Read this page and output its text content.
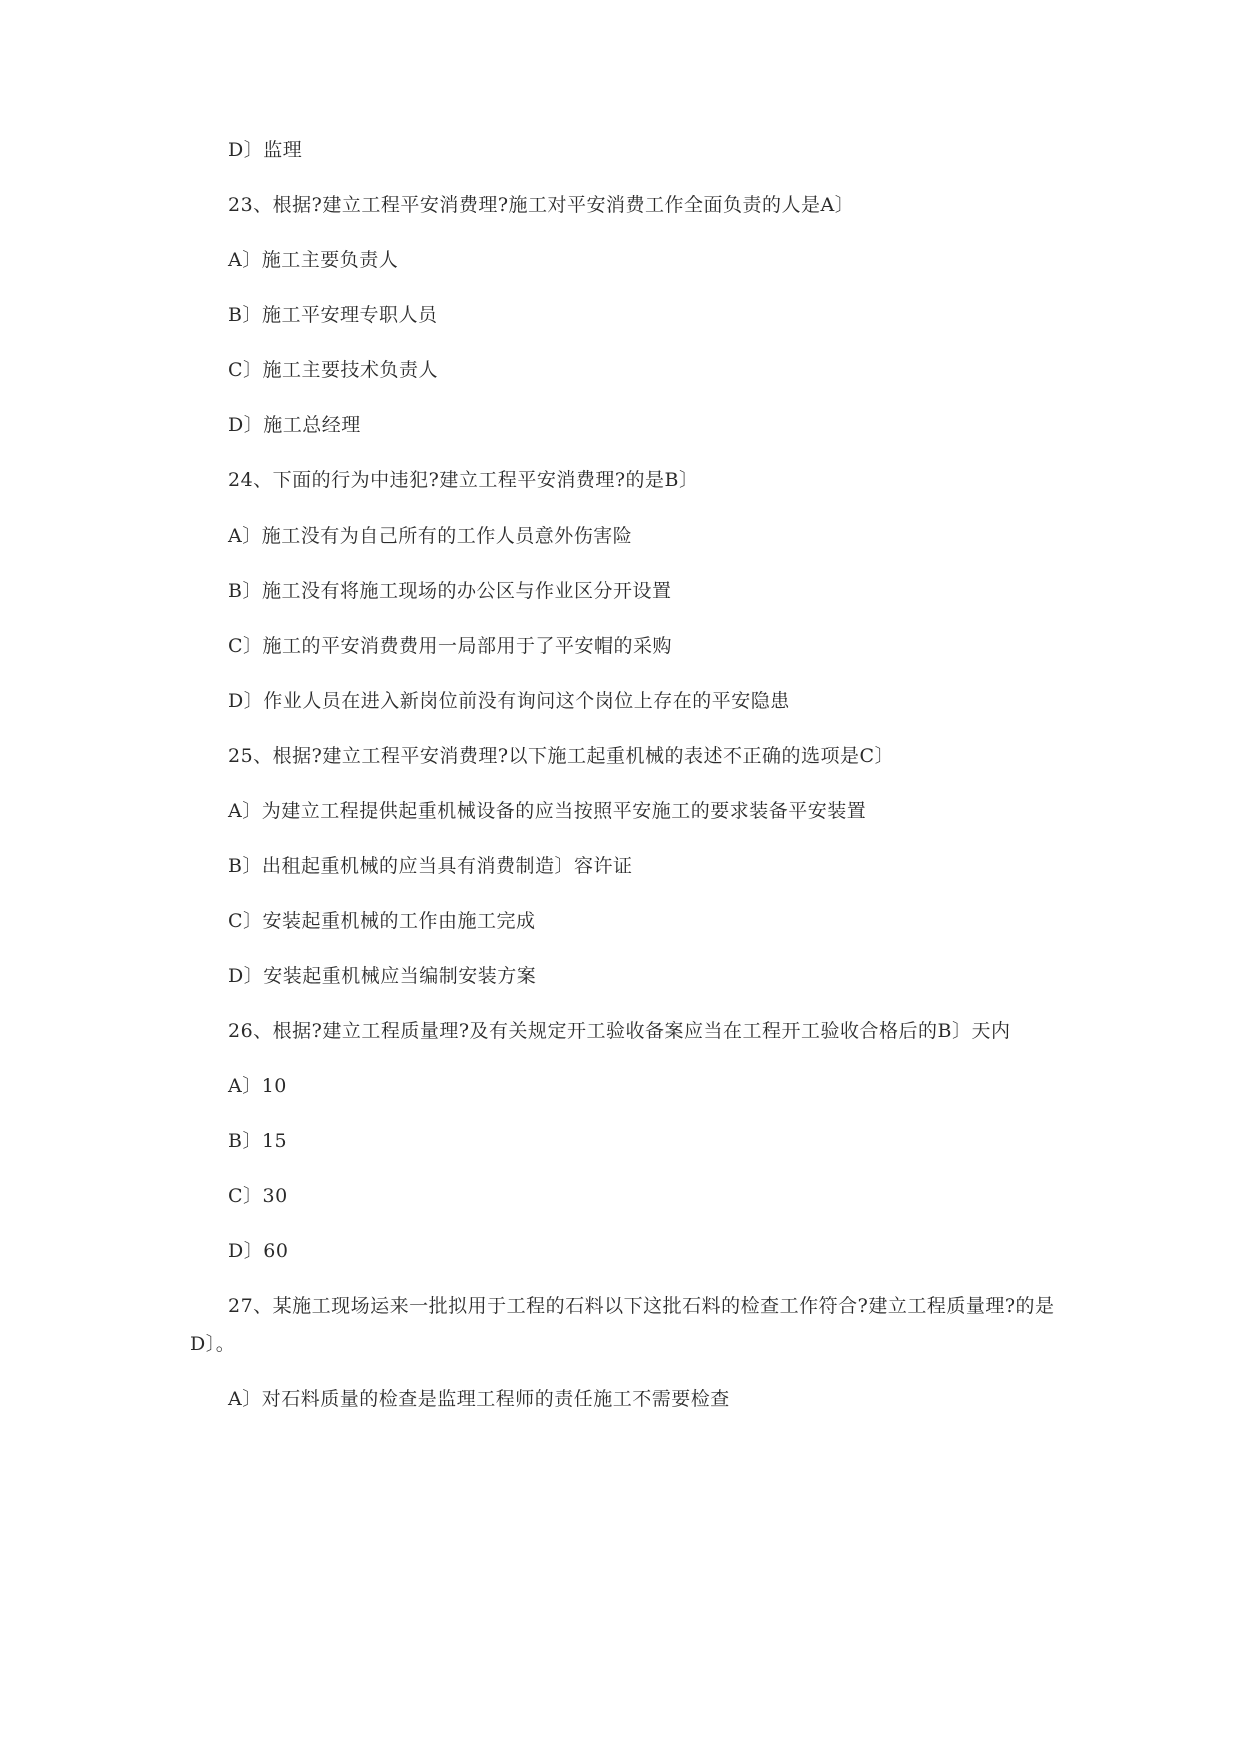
D〕监理
23、根据?建立工程平安消费理?施工对平安消费工作全面负责的人是A〕
A〕施工主要负责人
B〕施工平安理专职人员
C〕施工主要技术负责人
D〕施工总经理
24、下面的行为中违犯?建立工程平安消费理?的是B〕
A〕施工没有为自己所有的工作人员意外伤害险
B〕施工没有将施工现场的办公区与作业区分开设置
C〕施工的平安消费费用一局部用于了平安帽的采购
D〕作业人员在进入新岗位前没有询问这个岗位上存在的平安隐患
25、根据?建立工程平安消费理?以下施工起重机械的表述不正确的选项是C〕
A〕为建立工程提供起重机械设备的应当按照平安施工的要求装备平安装置
B〕出租起重机械的应当具有消费制造〕容许证
C〕安装起重机械的工作由施工完成
D〕安装起重机械应当编制安装方案
26、根据?建立工程质量理?及有关规定开工验收备案应当在工程开工验收合格后的B〕天内
A〕10
B〕15
C〕30
D〕60
27、某施工现场运来一批拟用于工程的石料以下这批石料的检查工作符合?建立工程质量理?的是D〕。
A〕对石料质量的检查是监理工程师的责任施工不需要检查
